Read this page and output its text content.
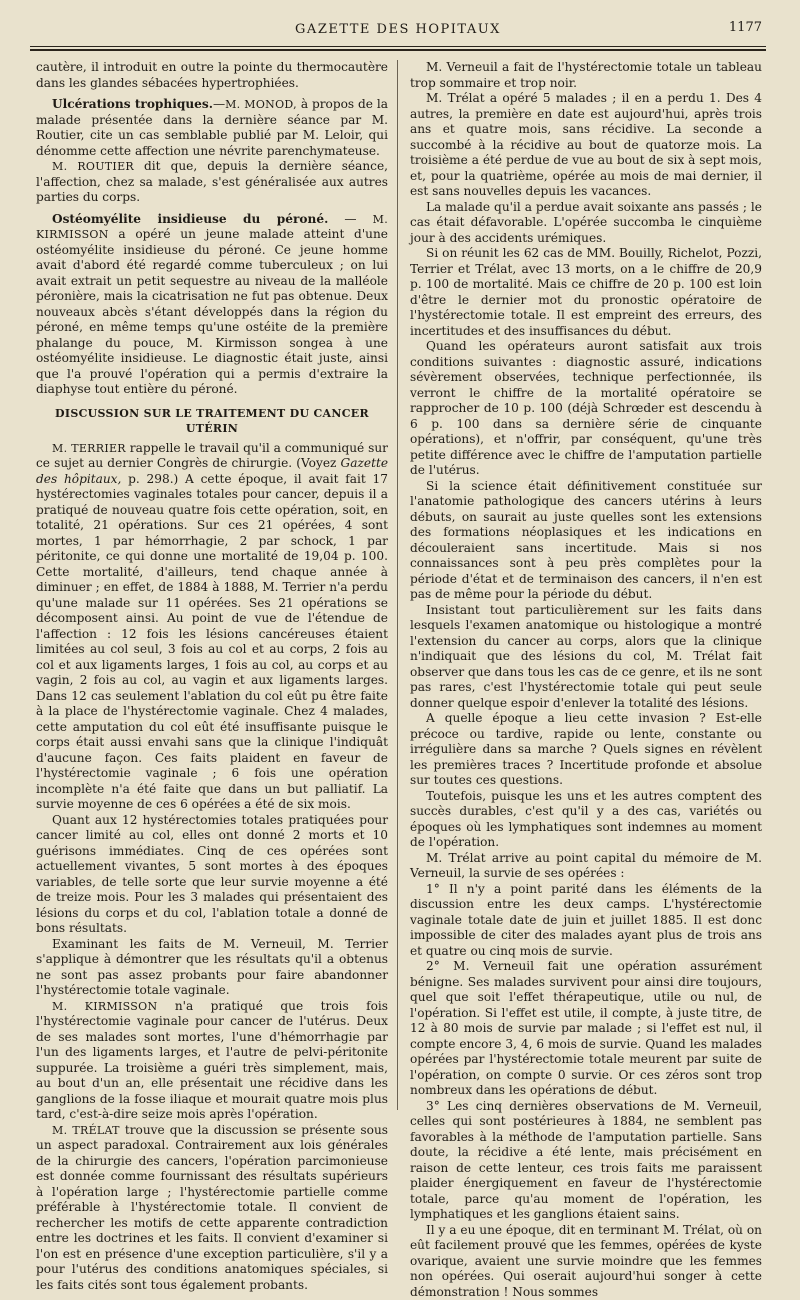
GAZETTE DES HOPITAUX	1177

cautère, il introduit en outre la pointe du thermocautère dans les glandes sébacées hypertrophiées.

Ulcérations trophiques.—M. MONOD, à propos de la malade présentée dans la dernière séance par M. Routier, cite un cas semblable publié par M. Leloir, qui dénomme cette affection une névrite parenchymateuse.

M. ROUTIER dit que, depuis la dernière séance, l'affection, chez sa malade, s'est généralisée aux autres parties du corps.

Ostéomyélite insidieuse du péroné. — M. KIRMISSON a opéré un jeune malade atteint d'une ostéomyélite insidieuse du péroné. Ce jeune homme avait d'abord été regardé comme tuberculeux ; on lui avait extrait un petit sequestre au niveau de la malléole péronière, mais la cicatrisation ne fut pas obtenue. Deux nouveaux abcès s'étant développés dans la région du péroné, en même temps qu'une ostéite de la première phalange du pouce, M. Kirmisson songea à une ostéomyélite insidieuse. Le diagnostic était juste, ainsi que l'a prouvé l'opération qui a permis d'extraire la diaphyse tout entière du péroné.

DISCUSSION SUR LE TRAITEMENT DU CANCER UTÉRIN

M. TERRIER rappelle le travail qu'il a communiqué sur ce sujet au dernier Congrès de chirurgie. (Voyez Gazette des hôpitaux, p. 298.) A cette époque, il avait fait 17 hystérectomies vaginales totales pour cancer, depuis il a pratiqué de nouveau quatre fois cette opération, soit, en totalité, 21 opérations. Sur ces 21 opérées, 4 sont mortes, 1 par hémorrhagie, 2 par schock, 1 par péritonite, ce qui donne une mortalité de 19,04 p. 100. Cette mortalité, d'ailleurs, tend chaque année à diminuer ; en effet, de 1884 à 1888, M. Terrier n'a perdu qu'une malade sur 11 opérées. Ses 21 opérations se décomposent ainsi. Au point de vue de l'étendue de l'affection : 12 fois les lésions cancéreuses étaient limitées au col seul, 3 fois au col et au corps, 2 fois au col et aux ligaments larges, 1 fois au col, au corps et au vagin, 2 fois au col, au vagin et aux ligaments larges. Dans 12 cas seulement l'ablation du col eût pu être faite à la place de l'hystérectomie vaginale. Chez 4 malades, cette amputation du col eût été insuffisante puisque le corps était aussi envahi sans que la clinique l'indiquât d'aucune façon. Ces faits plaident en faveur de l'hystérectomie vaginale ; 6 fois une opération incomplète n'a été faite que dans un but palliatif. La survie moyenne de ces 6 opérées a été de six mois.

Quant aux 12 hystérectomies totales pratiquées pour cancer limité au col, elles ont donné 2 morts et 10 guérisons immédiates. Cinq de ces opérées sont actuellement vivantes, 5 sont mortes à des époques variables, de telle sorte que leur survie moyenne a été de treize mois. Pour les 3 malades qui présentaient des lésions du corps et du col, l'ablation totale a donné de bons résultats.

Examinant les faits de M. Verneuil, M. Terrier s'applique à démontrer que les résultats qu'il a obtenus ne sont pas assez probants pour faire abandonner l'hystérectomie totale vaginale.

M. KIRMISSON n'a pratiqué que trois fois l'hystérectomie vaginale pour cancer de l'utérus. Deux de ses malades sont mortes, l'une d'hémorrhagie par l'un des ligaments larges, et l'autre de pelvi-péritonite suppurée. La troisième a guéri très simplement, mais, au bout d'un an, elle présentait une récidive dans les ganglions de la fosse iliaque et mourait quatre mois plus tard, c'est-à-dire seize mois après l'opération.

M. TRÉLAT trouve que la discussion se présente sous un aspect paradoxal. Contrairement aux lois générales de la chirurgie des cancers, l'opération parcimonieuse est donnée comme fournissant des résultats supérieurs à l'opération large ; l'hystérectomie partielle comme préférable à l'hystérectomie totale. Il convient de rechercher les motifs de cette apparente contradiction entre les doctrines et les faits. Il convient d'examiner si l'on est en présence d'une exception particulière, s'il y a pour l'utérus des conditions anatomiques spéciales, si les faits cités sont tous également probants.

M. Verneuil a fait de l'hystérectomie totale un tableau trop sommaire et trop noir.

M. Trélat a opéré 5 malades ; il en a perdu 1. Des 4 autres, la première en date est aujourd'hui, après trois ans et quatre mois, sans récidive. La seconde a succombé à la récidive au bout de quatorze mois. La troisième a été perdue de vue au bout de six à sept mois, et, pour la quatrième, opérée au mois de mai dernier, il est sans nouvelles depuis les vacances.

La malade qu'il a perdue avait soixante ans passés ; le cas était défavorable. L'opérée succomba le cinquième jour à des accidents urémiques.

Si on réunit les 62 cas de MM. Bouilly, Richelot, Pozzi, Terrier et Trélat, avec 13 morts, on a le chiffre de 20,9 p. 100 de mortalité. Mais ce chiffre de 20 p. 100 est loin d'être le dernier mot du pronostic opératoire de l'hystérectomie totale. Il est empreint des erreurs, des incertitudes et des insuffisances du début.

Quand les opérateurs auront satisfait aux trois conditions suivantes : diagnostic assuré, indications sévèrement observées, technique perfectionnée, ils verront le chiffre de la mortalité opératoire se rapprocher de 10 p. 100 (déjà Schrœder est descendu à 6 p. 100 dans sa dernière série de cinquante opérations), et n'offrir, par conséquent, qu'une très petite différence avec le chiffre de l'amputation partielle de l'utérus.

Si la science était définitivement constituée sur l'anatomie pathologique des cancers utérins à leurs débuts, on saurait au juste quelles sont les extensions des formations néoplasiques et les indications en découleraient sans incertitude. Mais si nos connaissances sont à peu près complètes pour la période d'état et de terminaison des cancers, il n'en est pas de même pour la période du début.

Insistant tout particulièrement sur les faits dans lesquels l'examen anatomique ou histologique a montré l'extension du cancer au corps, alors que la clinique n'indiquait que des lésions du col, M. Trélat fait observer que dans tous les cas de ce genre, et ils ne sont pas rares, c'est l'hystérectomie totale qui peut seule donner quelque espoir d'enlever la totalité des lésions.

A quelle époque a lieu cette invasion ? Est-elle précoce ou tardive, rapide ou lente, constante ou irrégulière dans sa marche ? Quels signes en révèlent les premières traces ? Incertitude profonde et absolue sur toutes ces questions.

Toutefois, puisque les uns et les autres comptent des succès durables, c'est qu'il y a des cas, variétés ou époques où les lymphatiques sont indemnes au moment de l'opération.

M. Trélat arrive au point capital du mémoire de M. Verneuil, la survie de ses opérées :

1° Il n'y a point parité dans les éléments de la discussion entre les deux camps. L'hystérectomie vaginale totale date de juin et juillet 1885. Il est donc impossible de citer des malades ayant plus de trois ans et quatre ou cinq mois de survie.

2° M. Verneuil fait une opération assurément bénigne. Ses malades survivent pour ainsi dire toujours, quel que soit l'effet thérapeutique, utile ou nul, de l'opération. Si l'effet est utile, il compte, à juste titre, de 12 à 80 mois de survie par malade ; si l'effet est nul, il compte encore 3, 4, 6 mois de survie. Quand les malades opérées par l'hystérectomie totale meurent par suite de l'opération, on compte 0 survie. Or ces zéros sont trop nombreux dans les opérations de début.

3° Les cinq dernières observations de M. Verneuil, celles qui sont postérieures à 1884, ne semblent pas favorables à la méthode de l'amputation partielle. Sans doute, la récidive a été lente, mais précisément en raison de cette lenteur, ces trois faits me paraissent plaider énergiquement en faveur de l'hystérectomie totale, parce qu'au moment de l'opération, les lymphatiques et les ganglions étaient sains.

Il y a eu une époque, dit en terminant M. Trélat, où on eût facilement prouvé que les femmes, opérées de kyste ovarique, avaient une survie moindre que les femmes non opérées. Qui oserait aujourd'hui songer à cette démonstration ! Nous sommes
